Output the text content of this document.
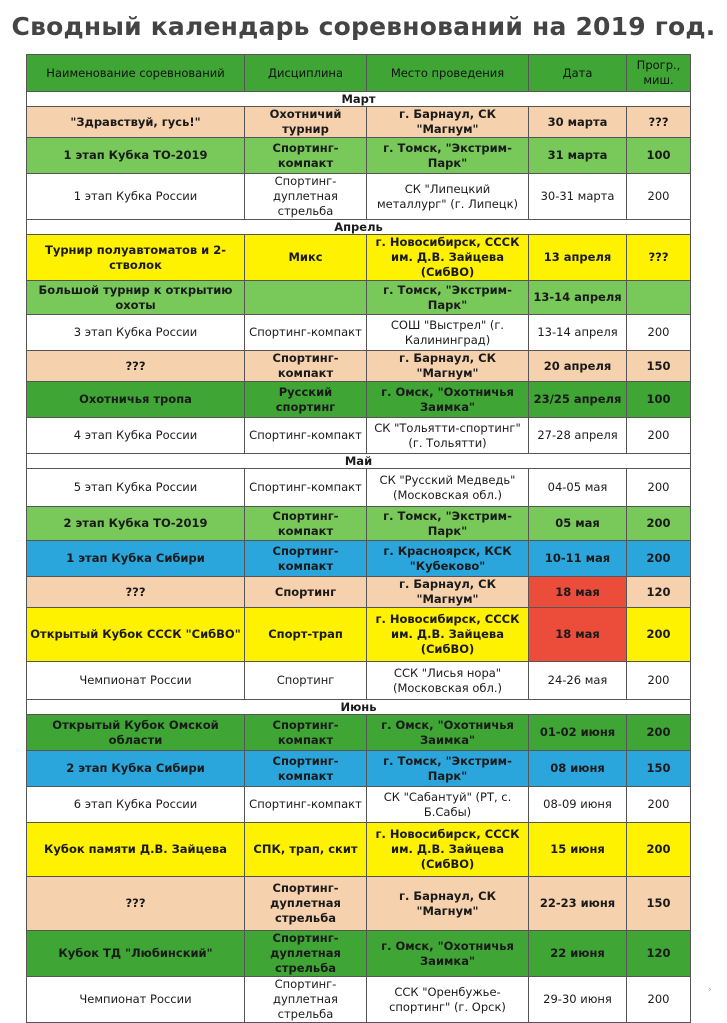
Сводный календарь соревнований на 2019 год.
Наименование соревнований	Дисциплина	Место проведения	Дата	Прогр., миш.
Март				
"Здравствуй, гусь!"	Охотничий турнир	г. Барнаул, СК "Магнум"	30 марта	???
1 этап Кубка ТО-2019	Спортинг-компакт	г. Томск, "Экстрим-Парк"	31 марта	100
1 этап Кубка России	Спортинг-дуплетная стрельба	СК "Липецкий металлург" (г. Липецк)	30-31 марта	200
Апрель				
Турнир полуавтоматов и 2-стволок	Микс	г. Новосибирск, СССК им. Д.В. Зайцева (СибВО)	13 апреля	???
Большой турнир к открытию охоты		г. Томск, "Экстрим-Парк"	13-14 апреля	
3 этап Кубка России	Спортинг-компакт	СОШ "Выстрел" (г. Калининград)	13-14 апреля	200
???	Спортинг-компакт	г. Барнаул, СК "Магнум"	20 апреля	150
Охотничья тропа	Русский спортинг	г. Омск, "Охотничья Заимка"	23/25 апреля	100
4 этап Кубка России	Спортинг-компакт	СК "Тольятти-спортинг" (г. Тольятти)	27-28 апреля	200
Май				
5 этап Кубка России	Спортинг-компакт	СК "Русский Медведь" (Московская обл.)	04-05 мая	200
2 этап Кубка ТО-2019	Спортинг-компакт	г. Томск, "Экстрим-Парк"	05 мая	200
1 этап Кубка Сибири	Спортинг-компакт	г. Красноярск, КСК "Кубеково"	10-11 мая	200
???	Спортинг	г. Барнаул, СК "Магнум"	18 мая	120
Открытый Кубок СССК "СибВО"	Спорт-трап	г. Новосибирск, СССК им. Д.В. Зайцева (СибВО)	18 мая	200
Чемпионат России	Спортинг	ССК "Лисья нора" (Московская обл.)	24-26 мая	200
Июнь				
Открытый Кубок Омской области	Спортинг-компакт	г. Омск, "Охотничья Заимка"	01-02 июня	200
2 этап Кубка Сибири	Спортинг-компакт	г. Томск, "Экстрим-Парк"	08 июня	150
6 этап Кубка России	Спортинг-компакт	СК "Сабантуй" (РТ, с. Б.Сабы)	08-09 июня	200
Кубок памяти Д.В. Зайцева	СПК, трап, скит	г. Новосибирск, СССК им. Д.В. Зайцева (СибВО)	15 июня	200
???	Спортинг-дуплетная стрельба	г. Барнаул, СК "Магнум"	22-23 июня	150
Кубок ТД "Любинский"	Спортинг-дуплетная стрельба	г. Омск, "Охотничья Заимка"	22 июня	120
Чемпионат России	Спортинг-дуплетная стрельба	ССК "Оренбужье-спортинг" (г. Орск)	29-30 июня	200
›
